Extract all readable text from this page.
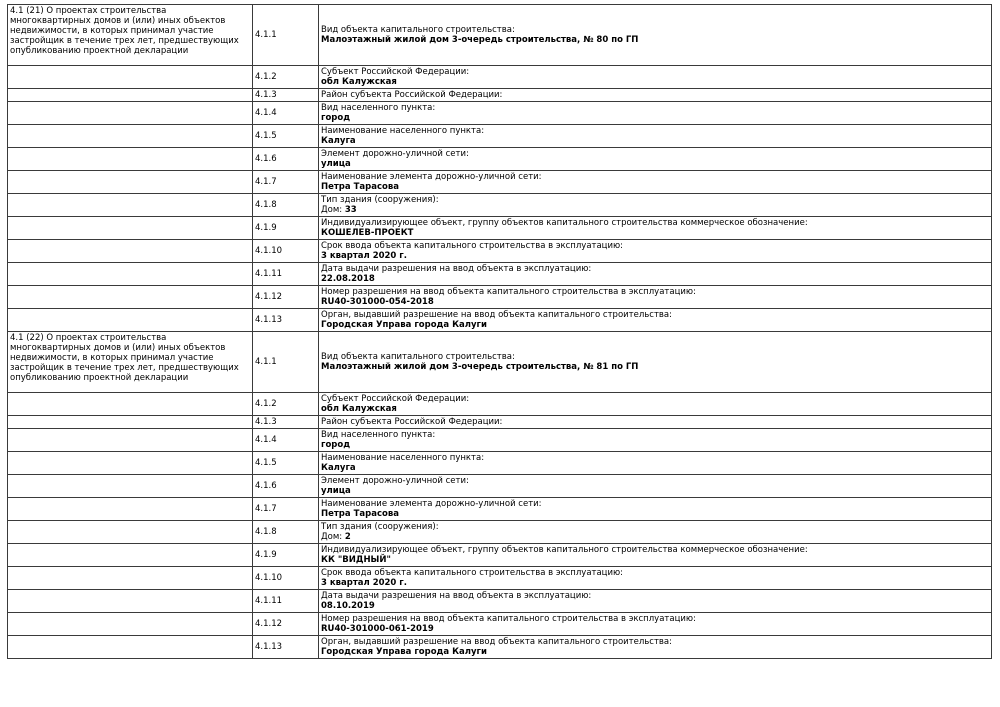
4.1 (21) О проектах строительства многоквартирных домов и (или) иных объектов недвижимости, в которых принимал участие застройщик в течение трех лет, предшествующих опубликованию проектной декларации
4.1.1	Вид объекта капитального строительства:
Малоэтажный жилой дом 3-очередь строительства, № 80 по ГП
4.1.2	Субъект Российской Федерации:
обл Калужская
4.1.3	Район субъекта Российской Федерации:
4.1.4	Вид населенного пункта:
город
4.1.5	Наименование населенного пункта:
Калуга
4.1.6	Элемент дорожно-уличной сети:
улица
4.1.7	Наименование элемента дорожно-уличной сети:
Петра Тарасова
4.1.8	Тип здания (сооружения):
Дом: 33
4.1.9	Индивидуализирующее объект, группу объектов капитального строительства коммерческое обозначение:
КОШЕЛЕВ-ПРОЕКТ
4.1.10	Срок ввода объекта капитального строительства в эксплуатацию:
3 квартал 2020 г.
4.1.11	Дата выдачи разрешения на ввод объекта в эксплуатацию:
22.08.2018
4.1.12	Номер разрешения на ввод объекта капитального строительства в эксплуатацию:
RU40-301000-054-2018
4.1.13	Орган, выдавший разрешение на ввод объекта капитального строительства:
Городская Управа города Калуги
4.1 (22) О проектах строительства многоквартирных домов и (или) иных объектов недвижимости, в которых принимал участие застройщик в течение трех лет, предшествующих опубликованию проектной декларации
4.1.1	Вид объекта капитального строительства:
Малоэтажный жилой дом 3-очередь строительства, № 81 по ГП
4.1.2	Субъект Российской Федерации:
обл Калужская
4.1.3	Район субъекта Российской Федерации:
4.1.4	Вид населенного пункта:
город
4.1.5	Наименование населенного пункта:
Калуга
4.1.6	Элемент дорожно-уличной сети:
улица
4.1.7	Наименование элемента дорожно-уличной сети:
Петра Тарасова
4.1.8	Тип здания (сооружения):
Дом: 2
4.1.9	Индивидуализирующее объект, группу объектов капитального строительства коммерческое обозначение:
КК "ВИДНЫЙ"
4.1.10	Срок ввода объекта капитального строительства в эксплуатацию:
3 квартал 2020 г.
4.1.11	Дата выдачи разрешения на ввод объекта в эксплуатацию:
08.10.2019
4.1.12	Номер разрешения на ввод объекта капитального строительства в эксплуатацию:
RU40-301000-061-2019
4.1.13	Орган, выдавший разрешение на ввод объекта капитального строительства:
Городская Управа города Калуги
